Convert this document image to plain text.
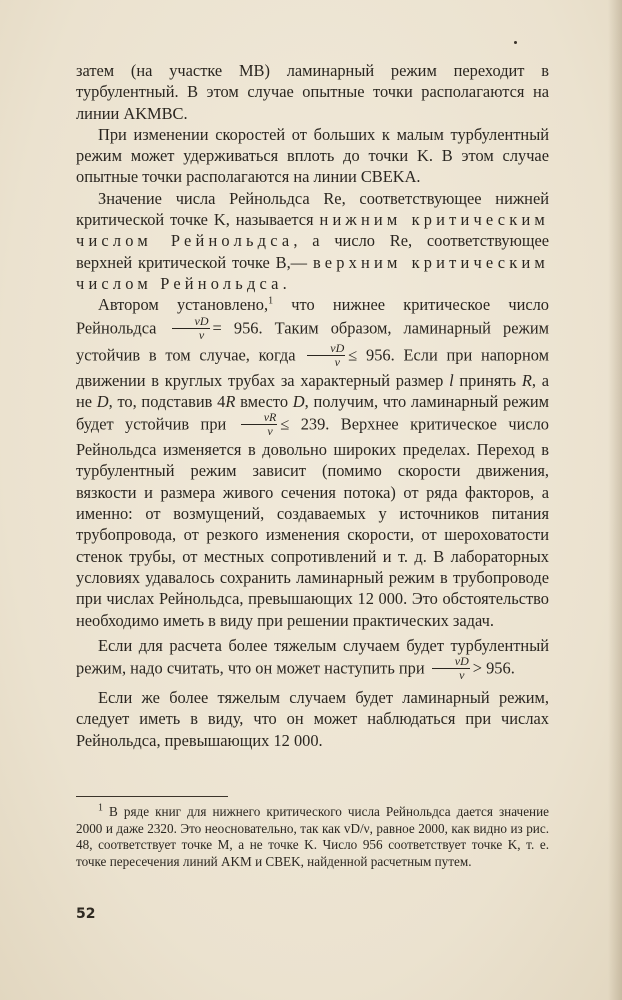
затем (на участке MB) ламинарный режим переходит в турбулентный. В этом случае опытные точки располагаются на линии AKMBC.

При изменении скоростей от больших к малым турбулентный режим может удерживаться вплоть до точки K. В этом случае опытные точки располагаются на линии CBEKA.

Значение числа Рейнольдса Re, соответствующее нижней критической точке K, называется нижним критическим числом Рейнольдса, а число Re, соответствующее верхней критической точке B,— верхним критическим числом Рейнольдса.

Автором установлено,$^1$ что нижнее критическое число Рейнольдса $\frac{vD}{\nu} = 956$. Таким образом, ламинарный режим устойчив в том случае, когда $\frac{vD}{\nu} \le 956$. Если при напорном движении в круглых трубах за характерный размер l принять R, а не D, то, подставив 4R вместо D, получим, что ламинарный режим будет устойчив при $\frac{vR}{\nu} \le 239$. Верхнее критическое число Рейнольдса изменяется в довольно широких пределах. Переход в турбулентный режим зависит (помимо скорости движения, вязкости и размера живого сечения потока) от ряда факторов, а именно: от возмущений, создаваемых у источников питания трубопровода, от резкого изменения скорости, от шероховатости стенок трубы, от местных сопротивлений и т. д. В лабораторных условиях удавалось сохранить ламинарный режим в трубопроводе при числах Рейнольдса, превышающих 12 000. Это обстоятельство необходимо иметь в виду при решении практических задач.

Если для расчета более тяжелым случаем будет турбулентный режим, надо считать, что он может наступить при $\frac{vD}{\nu} > 956$.

Если же более тяжелым случаем будет ламинарный режим, следует иметь в виду, что он может наблюдаться при числах Рейнольдса, превышающих 12 000.

$^1$ В ряде книг для нижнего критического числа Рейнольдса дается значение 2000 и даже 2320. Это неосновательно, так как vD/ν, равное 2000, как видно из рис. 48, соответствует точке M, а не точке K. Число 956 соответствует точке K, т. е. точке пересечения линий AKM и CBEK, найденной расчетным путем.

52
